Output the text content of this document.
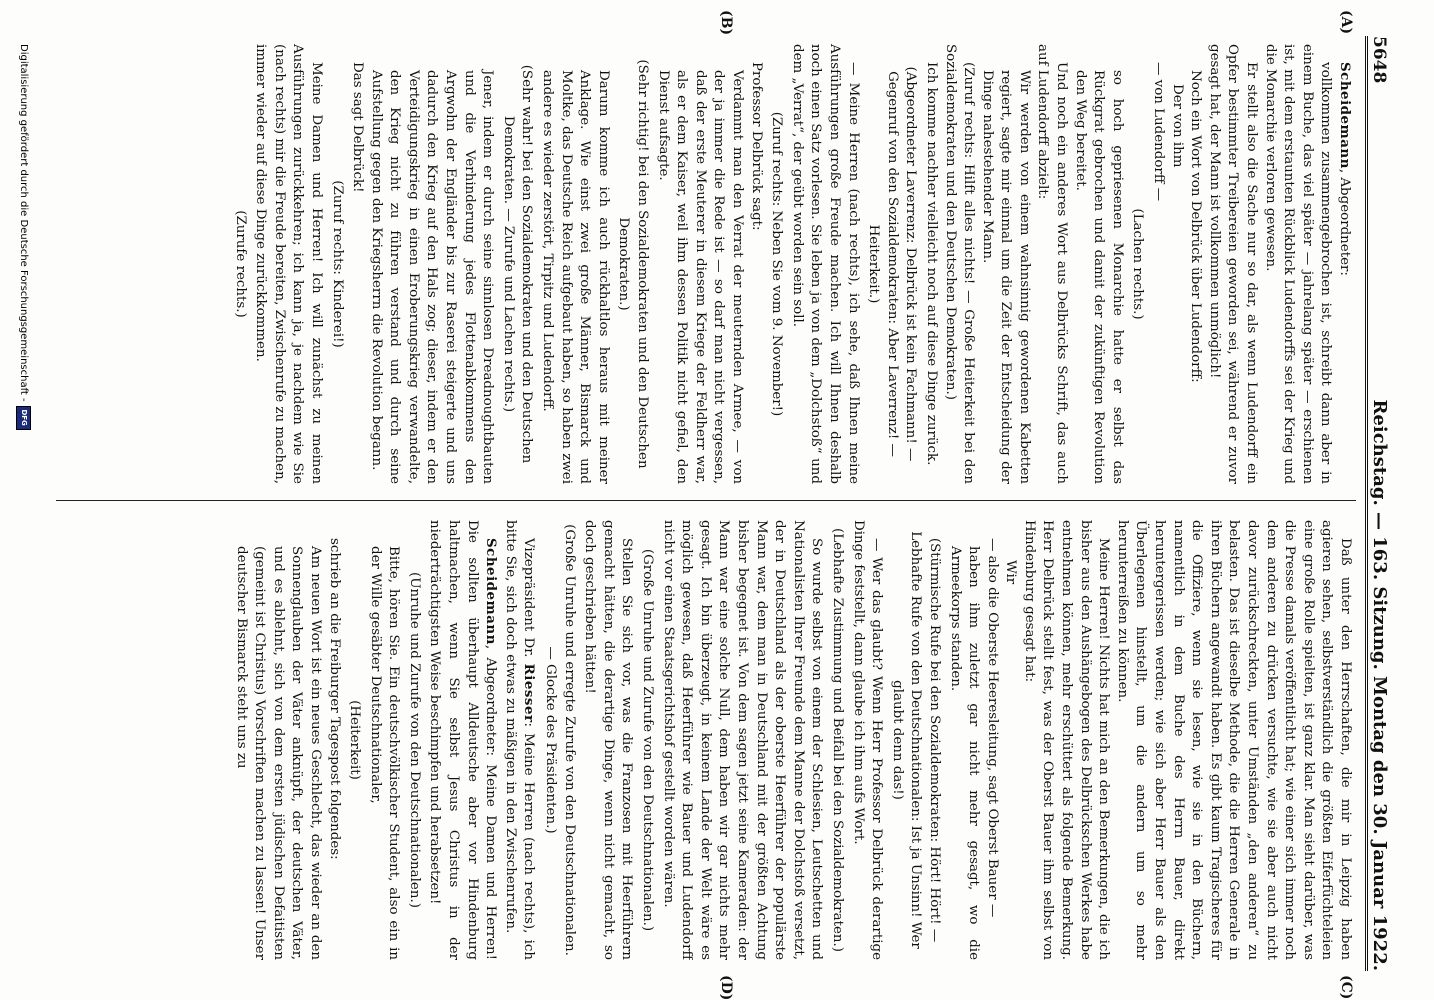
5648
Reichstag. — 163. Sitzung. Montag den 30. Januar 1922.
(A)
(B)
(C)
(D)

Scheidemann, Abgeordneter:

vollkommen zusammengebrochen ist, schreibt dann aber in einem Buche, das viel später — jahrelang später — erschienen ist, mit dem erstaunten Rückblick Ludendorffs sei der Krieg und die Monarchie verloren gewesen.

Er stellt also die Sache nur so dar, als wenn Ludendorff ein Opfer bestimmter Treibereien geworden sei, während er zuvor gesagt hat, der Mann ist vollkommen unmöglich!

Noch ein Wort von Delbrück über Ludendorff:

Der von ihm

— von Ludendorff —

(Lachen rechts.)

so hoch gepriesenen Monarchie hatte er selbst das Rückgrat gebrochen und damit der zukünftigen Revolution den Weg bereitet.

Und noch ein anderes Wort aus Delbrücks Schrift, das auch auf Ludendorff abzielt:

Wir werden von einem wahnsinnig gewordenen Kabetten regiert, sagte mir einmal um die Zeit der Entscheidung der Dinge nahestehender Mann.

(Zuruf rechts: Hilft alles nichts! — Große Heiterkeit bei den Sozialdemokraten und den Deutschen Demokraten.)

Ich komme nachher vielleicht noch auf diese Dinge zurück.

(Abgeordneter Laverrenz: Delbrück ist kein Fachmann! — Gegenruf von den Sozialdemokraten: Aber Laverrenz! — Heiterkeit.)

— Meine Herren (nach rechts), ich sehe, daß Ihnen meine Ausführungen große Freude machen. Ich will Ihnen deshalb noch einen Satz vorlesen. Sie leben ja von dem „Dolchstoß“ und dem „Verrat“, der geübt worden sein soll.

(Zuruf rechts: Neben Sie vom 9. November!)

Professor Delbrück sagt:

Verdammt man den Verrat der meuternden Armee, — von der ja immer die Rede ist — so darf man nicht vergessen, daß der erste Meuterer in diesem Kriege der Feldherr war, als er dem Kaiser, weil ihm dessen Politik nicht gefiel, den Dienst aufsagte.

(Sehr richtig! bei den Sozialdemokraten und den Deutschen Demokraten.)

Darum komme ich auch rückhaltlos heraus mit meiner Anklage. Wie einst zwei große Männer, Bismarck und Moltke, das Deutsche Reich aufgebaut haben, so haben zwei andere es wieder zerstört, Tirpitz und Ludendorff.

(Sehr wahr! bei den Sozialdemokraten und den Deutschen Demokraten. — Zurufe und Lachen rechts.)

Jener, indem er durch seine sinnlosen Dreadnoughtbauten und die Verhinderung jedes Flottenabkommens den Argwohn der Engländer bis zur Raserei steigerte und uns dadurch den Krieg auf den Hals zog; dieser, indem er den Verteidigungskrieg in einen Eroberungskrieg verwandelte, den Krieg nicht zu führen verstand und durch seine Aufstellung gegen den Kriegsherrn die Revolution begann.

Das sagt Delbrück!

(Zuruf rechts: Kinderei!)

Meine Damen und Herren! Ich will zunächst zu meinen Ausführungen zurückkehren; ich kann ja, je nachdem wie Sie (nach rechts) mir die Freude bereiten, Zwischenrufe zu machen, immer wieder auf diese Dinge zurückkommen.

(Zurufe rechts.)

Daß unter den Herrschaften, die mir in Leipzig haben agieren sehen, selbstverständlich die größten Eiferfüchteleien eine große Rolle spielten, ist ganz klar. Man sieht darüber, was die Presse damals veröffentlicht hat; wie einer sich immer noch dem anderen zu drücken versuchte, wie sie aber auch nicht davor zurückschreckten, unter Umständen „den anderen“ zu belasten. Das ist dieselbe Methode, die die Herren Generale in ihren Büchern angewandt haben. Es gibt kaum Tragischeres für die Offiziere, wenn sie lesen, wie sie in den Büchern, namentlich in dem Buche des Herrn Bauer, direkt heruntergerissen werden; wie sich aber Herr Bauer als den Überlegenen hinstellt, um die andern um so mehr herunterreißen zu können.

Meine Herren! Nichts hat mich an den Bemerkungen, die ich bisher aus den Aushängebogen des Delbrückschen Werkes habe entnehmen können, mehr erschüttert als folgende Bemerkung. Herr Delbrück stellt fest, was der Oberst Bauer ihm selbst von Hindenburg gesagt hat:

Wir

— also die Oberste Heeresleitung, sagt Oberst Bauer —

haben ihm zuletzt gar nicht mehr gesagt, wo die Armeekorps standen.

(Stürmische Rufe bei den Sozialdemokraten: Hört! Hört! — Lebhafte Rufe von den Deutschnationalen: Ist ja Unsinn! Wer glaubt denn das!)

— Wer das glaubt? Wenn Herr Professor Delbrück derartige Dinge feststellt, dann glaube ich ihm aufs Wort.

(Lebhafte Zustimmung und Beifall bei den Sozialdemokraten.)

So wurde selbst von einem der Schlesien, Leutschetten und Nationalisten Ihrer Freunde dem Manne der Dolchstoß versetzt, der in Deutschland als der oberste Heerführer der populärste Mann war, dem man in Deutschland mit der größten Achtung bisher begegnet ist. Von dem sagen jetzt seine Kameraden: der Mann war eine solche Null, dem haben wir gar nichts mehr gesagt. Ich bin überzeugt, in keinem Lande der Welt wäre es möglich gewesen, daß Heerführer wie Bauer und Ludendorff nicht vor einen Staatsgerichtshof gestellt worden wären.

(Große Unruhe und Zurufe von den Deutschnationalen.)

Stellen Sie sich vor, was die Franzosen mit Heerführern gemacht hätten, die derartige Dinge, wenn nicht gemacht, so doch geschrieben hätten!

(Große Unruhe und erregte Zurufe von den Deutschnationalen. — Glocke des Präsidenten.)

Vizepräsident Dr. Riesser: Meine Herren (nach rechts), ich bitte Sie, sich doch etwas zu mäßigen in den Zwischenrufen.

Scheidemann, Abgeordneter: Meine Damen und Herren! Die sollten überhaupt Alldeutsche aber vor Hindenburg haltmachen, wenn Sie selbst Jesus Christus in der niederträchtigsten Weise beschimpfen und herabsetzen!

(Unruhe und Zurufe von den Deutschnationalen.)

Bitte, hören Sie. Ein deutschvölkischer Student, also ein in der Wille gesäbter Deutschnationaler,

(Heiterkeit)

schrieb an die Freiburger Tagespost folgendes:

Am neuen Wort ist ein neues Geschlecht, das wieder an den Sonnenglauben der Väter anknüpft, der deutschen Väter, und es ablehnt, sich von dem ersten jüdischen Defaitisten (gemeint ist Christus) Vorschriften machen zu lassen! Unser deutscher Bismarck steht uns zu

Digitalisierung gefördert durch die Deutsche Forschungsgemeinschaft -
DFG
